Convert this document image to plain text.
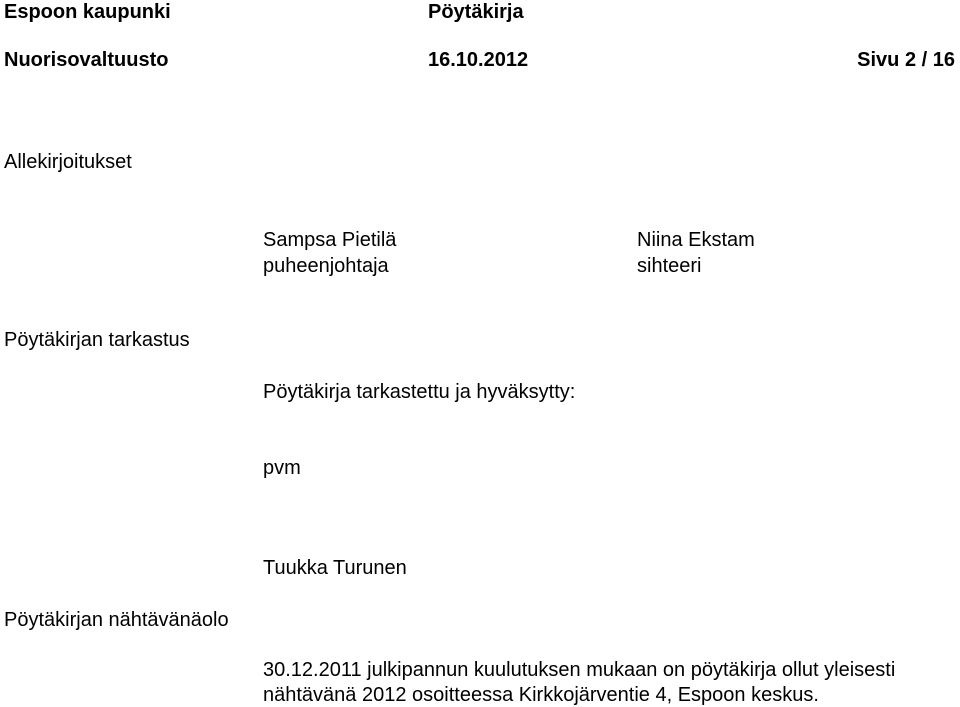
Espoon kaupunki	Pöytäkirja
Nuorisovaltuusto	16.10.2012	Sivu 2 / 16
Allekirjoitukset
Sampsa Pietilä
puheenjohtaja
Niina Ekstam
sihteeri
Pöytäkirjan tarkastus
Pöytäkirja tarkastettu ja hyväksytty:
pvm
Tuukka Turunen
Pöytäkirjan nähtävänäolo
30.12.2011 julkipannun kuulutuksen mukaan on pöytäkirja ollut yleisesti
nähtävänä 2012 osoitteessa Kirkkojärventie 4, Espoon keskus.
